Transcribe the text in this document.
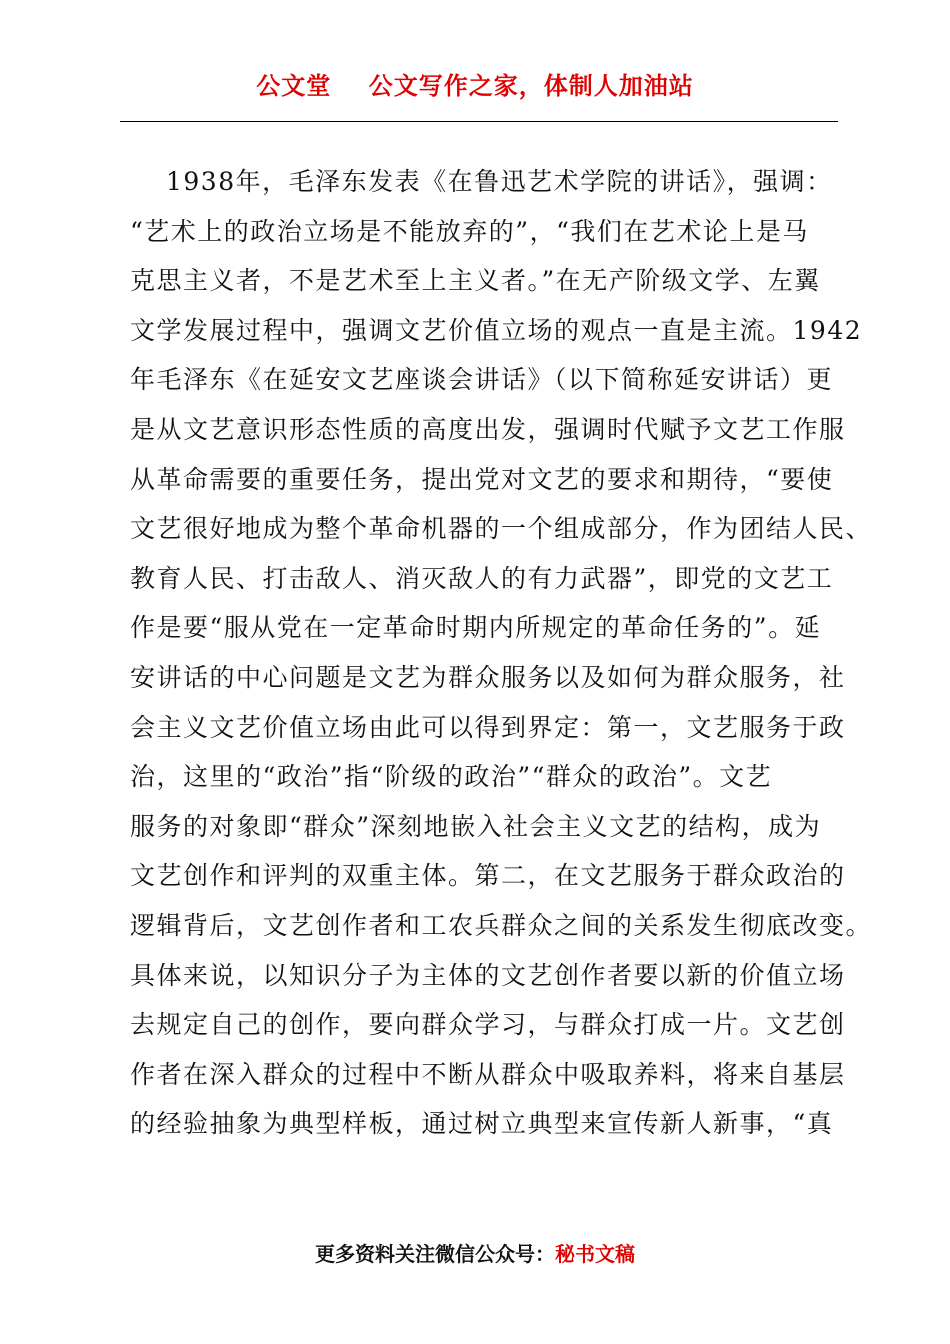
公文堂    公文写作之家，体制人加油站
1938年，毛泽东发表《在鲁迅艺术学院的讲话》，强调：
“艺术上的政治立场是不能放弃的”，“我们在艺术论上是马
克思主义者，不是艺术至上主义者。”在无产阶级文学、左翼
文学发展过程中，强调文艺价值立场的观点一直是主流。1942
年毛泽东《在延安文艺座谈会讲话》（以下简称延安讲话）更
是从文艺意识形态性质的高度出发，强调时代赋予文艺工作服
从革命需要的重要任务，提出党对文艺的要求和期待，“要使
文艺很好地成为整个革命机器的一个组成部分，作为团结人民、
教育人民、打击敌人、消灭敌人的有力武器”，即党的文艺工
作是要“服从党在一定革命时期内所规定的革命任务的”。延
安讲话的中心问题是文艺为群众服务以及如何为群众服务，社
会主义文艺价值立场由此可以得到界定：第一，文艺服务于政
治，这里的“政治”指“阶级的政治”“群众的政治”。文艺
服务的对象即“群众”深刻地嵌入社会主义文艺的结构，成为
文艺创作和评判的双重主体。第二，在文艺服务于群众政治的
逻辑背后，文艺创作者和工农兵群众之间的关系发生彻底改变。
具体来说，以知识分子为主体的文艺创作者要以新的价值立场
去规定自己的创作，要向群众学习，与群众打成一片。文艺创
作者在深入群众的过程中不断从群众中吸取养料，将来自基层
的经验抽象为典型样板，通过树立典型来宣传新人新事，“真
更多资料关注微信公众号：秘书文稿
